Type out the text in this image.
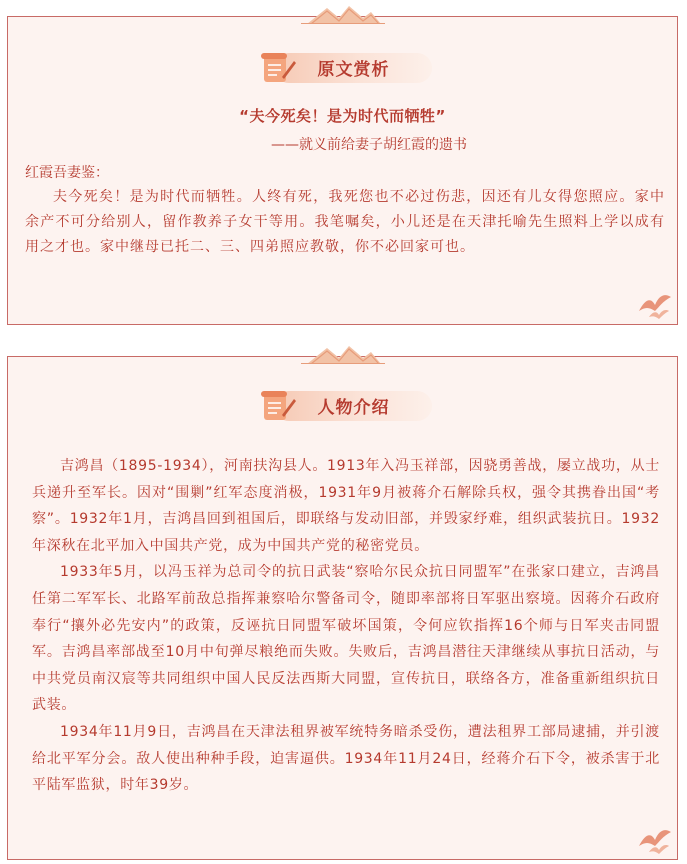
原文赏析
“夫今死矣！是为时代而牺牲”
——就义前给妻子胡红霞的遗书
红霞吾妻鉴：

夫今死矣！是为时代而牺牲。人终有死，我死您也不必过伤悲，因还有儿女得您照应。家中余产不可分给别人，留作教养子女干等用。我笔嘱矣，小儿还是在天津托喻先生照料上学以成有用之才也。家中继母已托二、三、四弟照应教敬，你不必回家可也。

人物介绍

吉鸿昌（1895-1934），河南扶沟县人。1913年入冯玉祥部，因骁勇善战，屡立战功，从士兵递升至军长。因对“围剿”红军态度消极，1931年9月被蒋介石解除兵权，强令其携眷出国“考察”。1932年1月，吉鸿昌回到祖国后，即联络与发动旧部，并毁家纾难，组织武装抗日。1932年深秋在北平加入中国共产党，成为中国共产党的秘密党员。

1933年5月，以冯玉祥为总司令的抗日武装“察哈尔民众抗日同盟军”在张家口建立，吉鸿昌任第二军军长、北路军前敌总指挥兼察哈尔警备司令，随即率部将日军驱出察境。因蒋介石政府奉行“攘外必先安内”的政策，反诬抗日同盟军破坏国策，令何应钦指挥16个师与日军夹击同盟军。吉鸿昌率部战至10月中旬弹尽粮绝而失败。失败后，吉鸿昌潜往天津继续从事抗日活动，与中共党员南汉宸等共同组织中国人民反法西斯大同盟，宣传抗日，联络各方，准备重新组织抗日武装。

1934年11月9日，吉鸿昌在天津法租界被军统特务暗杀受伤，遭法租界工部局逮捕，并引渡给北平军分会。敌人使出种种手段，迫害逼供。1934年11月24日，经蒋介石下令，被杀害于北平陆军监狱，时年39岁。
